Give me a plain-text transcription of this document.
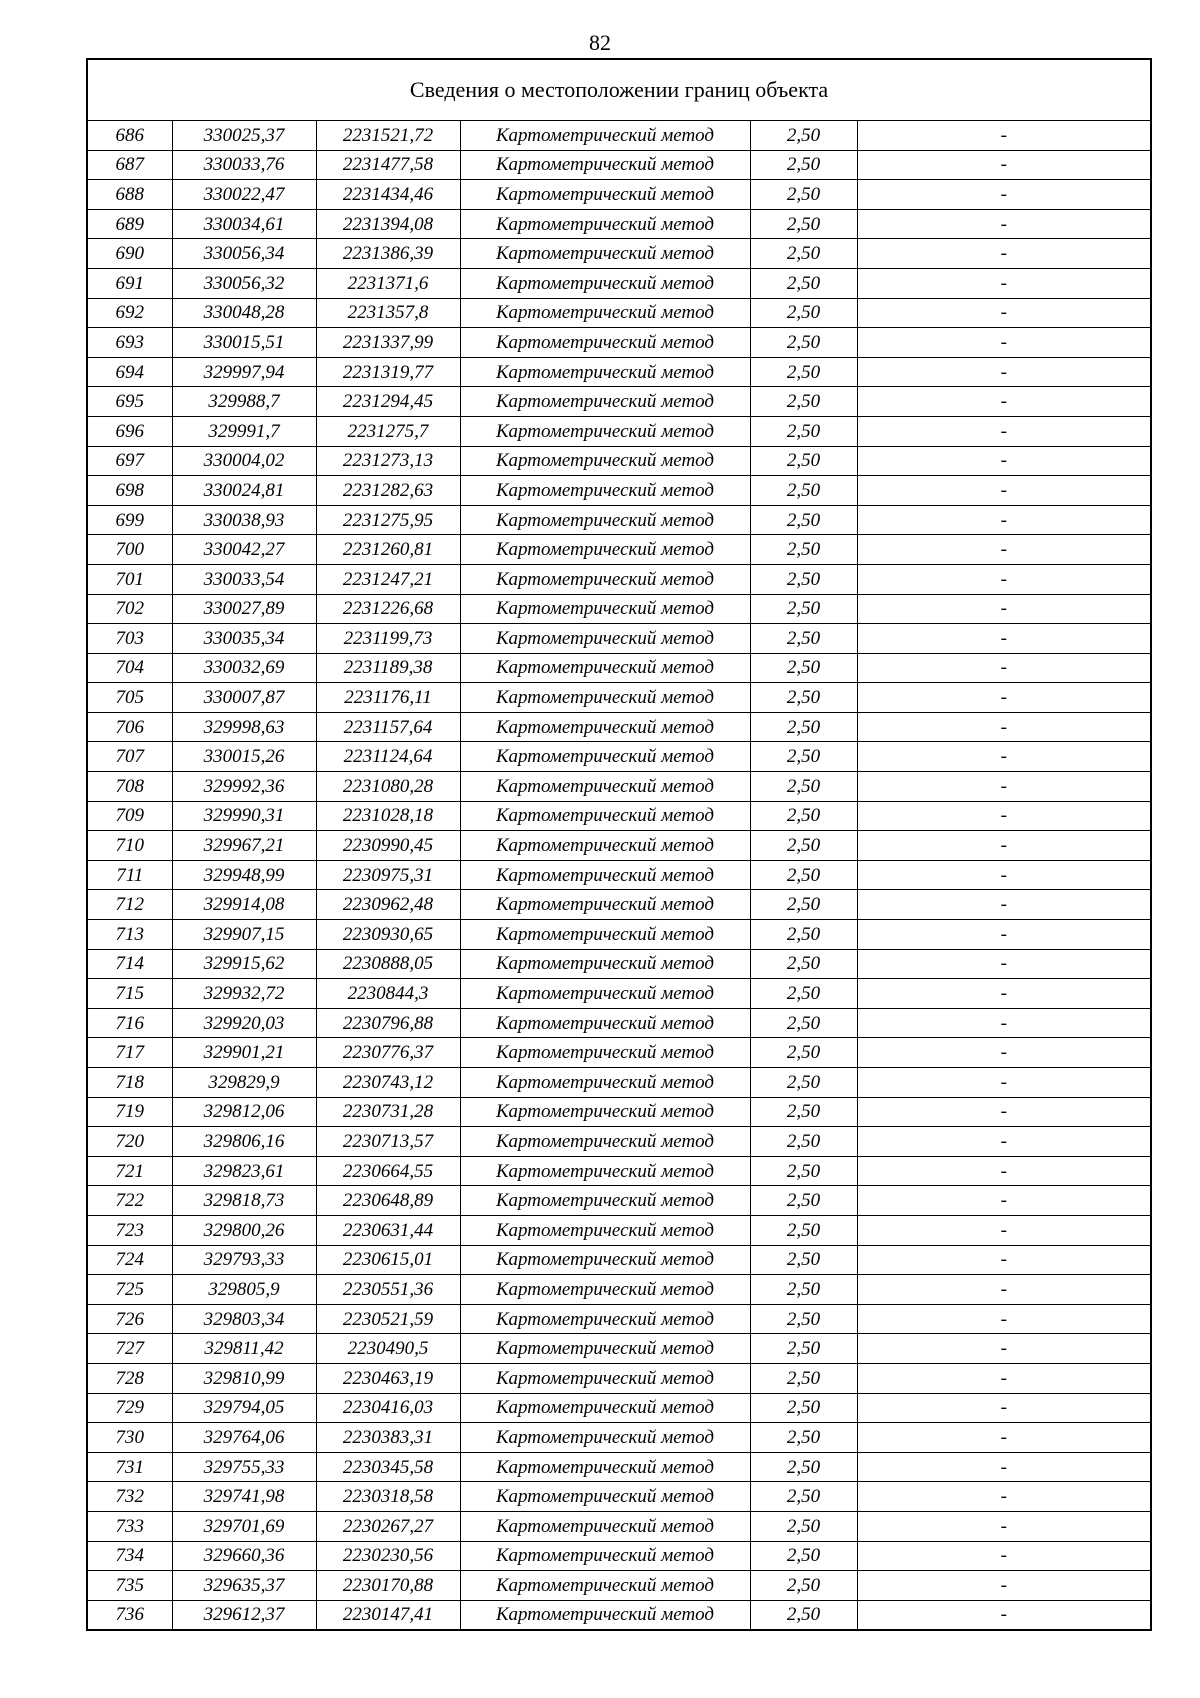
82
Сведения о местоположении границ объекта					
686	330025,37	2231521,72	Картометрический метод	2,50	-
687	330033,76	2231477,58	Картометрический метод	2,50	-
688	330022,47	2231434,46	Картометрический метод	2,50	-
689	330034,61	2231394,08	Картометрический метод	2,50	-
690	330056,34	2231386,39	Картометрический метод	2,50	-
691	330056,32	2231371,6	Картометрический метод	2,50	-
692	330048,28	2231357,8	Картометрический метод	2,50	-
693	330015,51	2231337,99	Картометрический метод	2,50	-
694	329997,94	2231319,77	Картометрический метод	2,50	-
695	329988,7	2231294,45	Картометрический метод	2,50	-
696	329991,7	2231275,7	Картометрический метод	2,50	-
697	330004,02	2231273,13	Картометрический метод	2,50	-
698	330024,81	2231282,63	Картометрический метод	2,50	-
699	330038,93	2231275,95	Картометрический метод	2,50	-
700	330042,27	2231260,81	Картометрический метод	2,50	-
701	330033,54	2231247,21	Картометрический метод	2,50	-
702	330027,89	2231226,68	Картометрический метод	2,50	-
703	330035,34	2231199,73	Картометрический метод	2,50	-
704	330032,69	2231189,38	Картометрический метод	2,50	-
705	330007,87	2231176,11	Картометрический метод	2,50	-
706	329998,63	2231157,64	Картометрический метод	2,50	-
707	330015,26	2231124,64	Картометрический метод	2,50	-
708	329992,36	2231080,28	Картометрический метод	2,50	-
709	329990,31	2231028,18	Картометрический метод	2,50	-
710	329967,21	2230990,45	Картометрический метод	2,50	-
711	329948,99	2230975,31	Картометрический метод	2,50	-
712	329914,08	2230962,48	Картометрический метод	2,50	-
713	329907,15	2230930,65	Картометрический метод	2,50	-
714	329915,62	2230888,05	Картометрический метод	2,50	-
715	329932,72	2230844,3	Картометрический метод	2,50	-
716	329920,03	2230796,88	Картометрический метод	2,50	-
717	329901,21	2230776,37	Картометрический метод	2,50	-
718	329829,9	2230743,12	Картометрический метод	2,50	-
719	329812,06	2230731,28	Картометрический метод	2,50	-
720	329806,16	2230713,57	Картометрический метод	2,50	-
721	329823,61	2230664,55	Картометрический метод	2,50	-
722	329818,73	2230648,89	Картометрический метод	2,50	-
723	329800,26	2230631,44	Картометрический метод	2,50	-
724	329793,33	2230615,01	Картометрический метод	2,50	-
725	329805,9	2230551,36	Картометрический метод	2,50	-
726	329803,34	2230521,59	Картометрический метод	2,50	-
727	329811,42	2230490,5	Картометрический метод	2,50	-
728	329810,99	2230463,19	Картометрический метод	2,50	-
729	329794,05	2230416,03	Картометрический метод	2,50	-
730	329764,06	2230383,31	Картометрический метод	2,50	-
731	329755,33	2230345,58	Картометрический метод	2,50	-
732	329741,98	2230318,58	Картометрический метод	2,50	-
733	329701,69	2230267,27	Картометрический метод	2,50	-
734	329660,36	2230230,56	Картометрический метод	2,50	-
735	329635,37	2230170,88	Картометрический метод	2,50	-
736	329612,37	2230147,41	Картометрический метод	2,50	-
